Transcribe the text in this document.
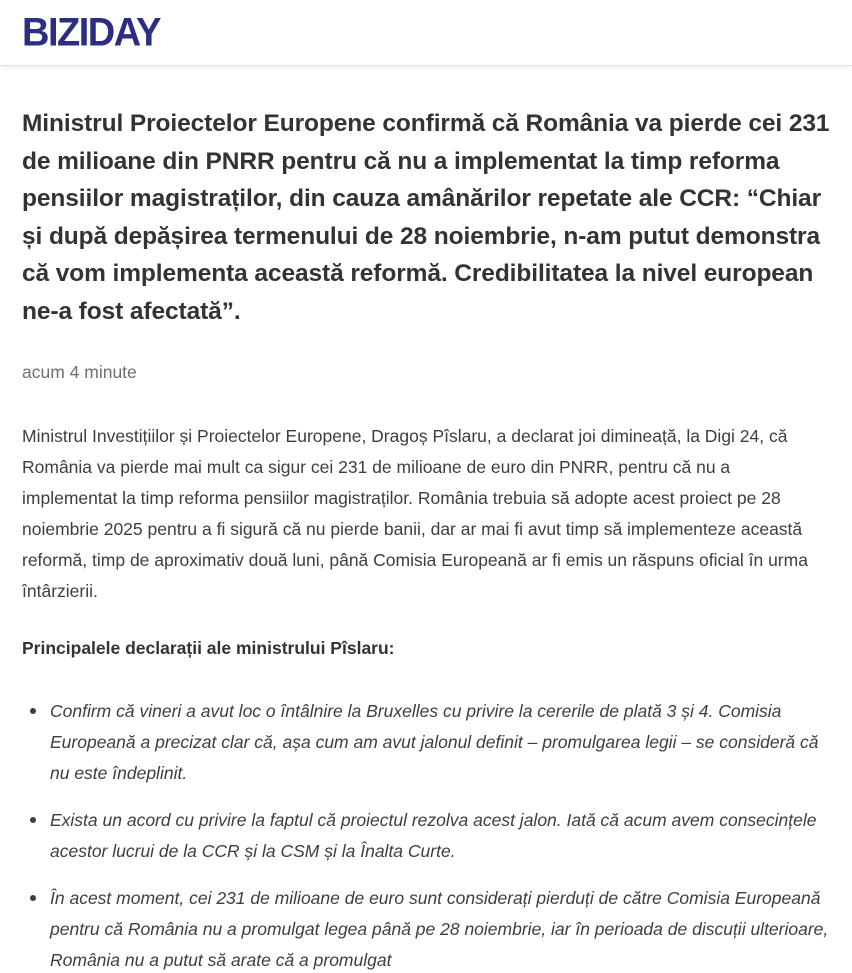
BIZIDAY
Ministrul Proiectelor Europene confirmă că România va pierde cei 231 de milioane din PNRR pentru că nu a implementat la timp reforma pensiilor magistraților, din cauza amânărilor repetate ale CCR: “Chiar și după depășirea termenului de 28 noiembrie, n-am putut demonstra că vom implementa această reformă. Credibilitatea la nivel european ne-a fost afectată”.
acum 4 minute

Ministrul Investițiilor și Proiectelor Europene, Dragoș Pîslaru, a declarat joi dimineață, la Digi 24, că România va pierde mai mult ca sigur cei 231 de milioane de euro din PNRR, pentru că nu a implementat la timp reforma pensiilor magistraților. România trebuia să adopte acest proiect pe 28 noiembrie 2025 pentru a fi sigură că nu pierde banii, dar ar mai fi avut timp să implementeze această reformă, timp de aproximativ două luni, până Comisia Europeană ar fi emis un răspuns oficial în urma întârzierii.

Principalele declarații ale ministrului Pîslaru:

Confirm că vineri a avut loc o întâlnire la Bruxelles cu privire la cererile de plată 3 și 4. Comisia Europeană a precizat clar că, așa cum am avut jalonul definit – promulgarea legii – se consideră că nu este îndeplinit.
Exista un acord cu privire la faptul că proiectul rezolva acest jalon. Iată că acum avem consecințele acestor lucrui de la CCR și la CSM și la Înalta Curte.
În acest moment, cei 231 de milioane de euro sunt considerați pierduți de către Comisia Europeană pentru că România nu a promulgat legea până pe 28 noiembrie, iar în perioada de discuții ulterioare, România nu a putut să arate că a promulgat
